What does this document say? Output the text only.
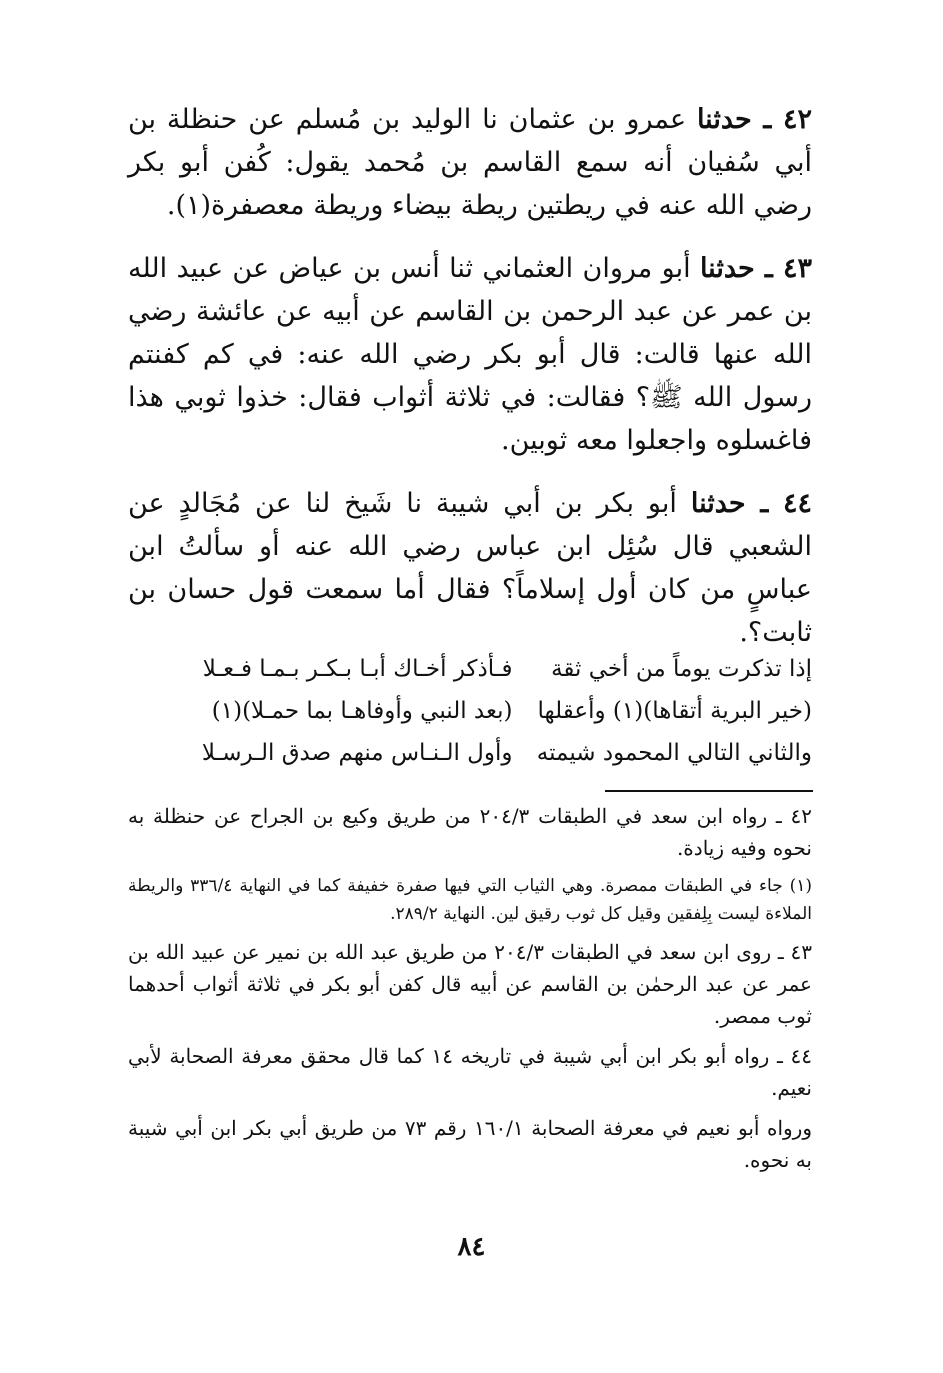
٤٢ ـ حدثنا عمرو بن عثمان نا الوليد بن مُسلم عن حنظلة بن أبي سُفيان أنه سمع القاسم بن مُحمد يقول: كُفن أبو بكر رضي الله عنه في ريطتين ريطة بيضاء وريطة معصفرة(١).

٤٣ ـ حدثنا أبو مروان العثماني ثنا أنس بن عياض عن عبيد الله بن عمر عن عبد الرحمن بن القاسم عن أبيه عن عائشة رضي الله عنها قالت: قال أبو بكر رضي الله عنه: في كم كفنتم رسول الله ﷺ؟ فقالت: في ثلاثة أثواب فقال: خذوا ثوبي هذا فاغسلوه واجعلوا معه ثوبين.

٤٤ ـ حدثنا أبو بكر بن أبي شيبة نا شَيخ لنا عن مُجَالدٍ عن الشعبي قال سُئِل ابن عباس رضي الله عنه أو سألتُ ابن عباسٍ من كان أول إسلاماً؟ فقال أما سمعت قول حسان بن ثابت؟.

إذا تذكرت يوماً من أخي ثقة
فـأذكر أخـاك أبـا بـكـر بـمـا فـعـلا
(خير البرية أتقاها)(١) وأعقلها
(بعد النبي وأوفاهـا بما حمـلا)(١)
والثاني التالي المحمود شيمته
وأول الـنـاس منهم صدق الـرسـلا

٤٢ ـ رواه ابن سعد في الطبقات ٢٠٤/٣ من طريق وكيع بن الجراح عن حنظلة به نحوه وفيه زيادة.

(١) جاء في الطبقات ممصرة. وهي الثياب التي فيها صفرة خفيفة كما في النهاية ٣٣٦/٤ والريطة الملاءة ليست بِلِفقين وقيل كل ثوب رقيق لين. النهاية ٢٨٩/٢.

٤٣ ـ روى ابن سعد في الطبقات ٢٠٤/٣ من طريق عبد الله بن نمير عن عبيد الله بن عمر عن عبد الرحمٰن بن القاسم عن أبيه قال كفن أبو بكر في ثلاثة أثواب أحدهما ثوب ممصر.

٤٤ ـ رواه أبو بكر ابن أبي شيبة في تاريخه ١٤ كما قال محقق معرفة الصحابة لأبي نعيم.

ورواه أبو نعيم في معرفة الصحابة ١٦٠/١ رقم ٧٣ من طريق أبي بكر ابن أبي شيبة به نحوه.

٨٤
